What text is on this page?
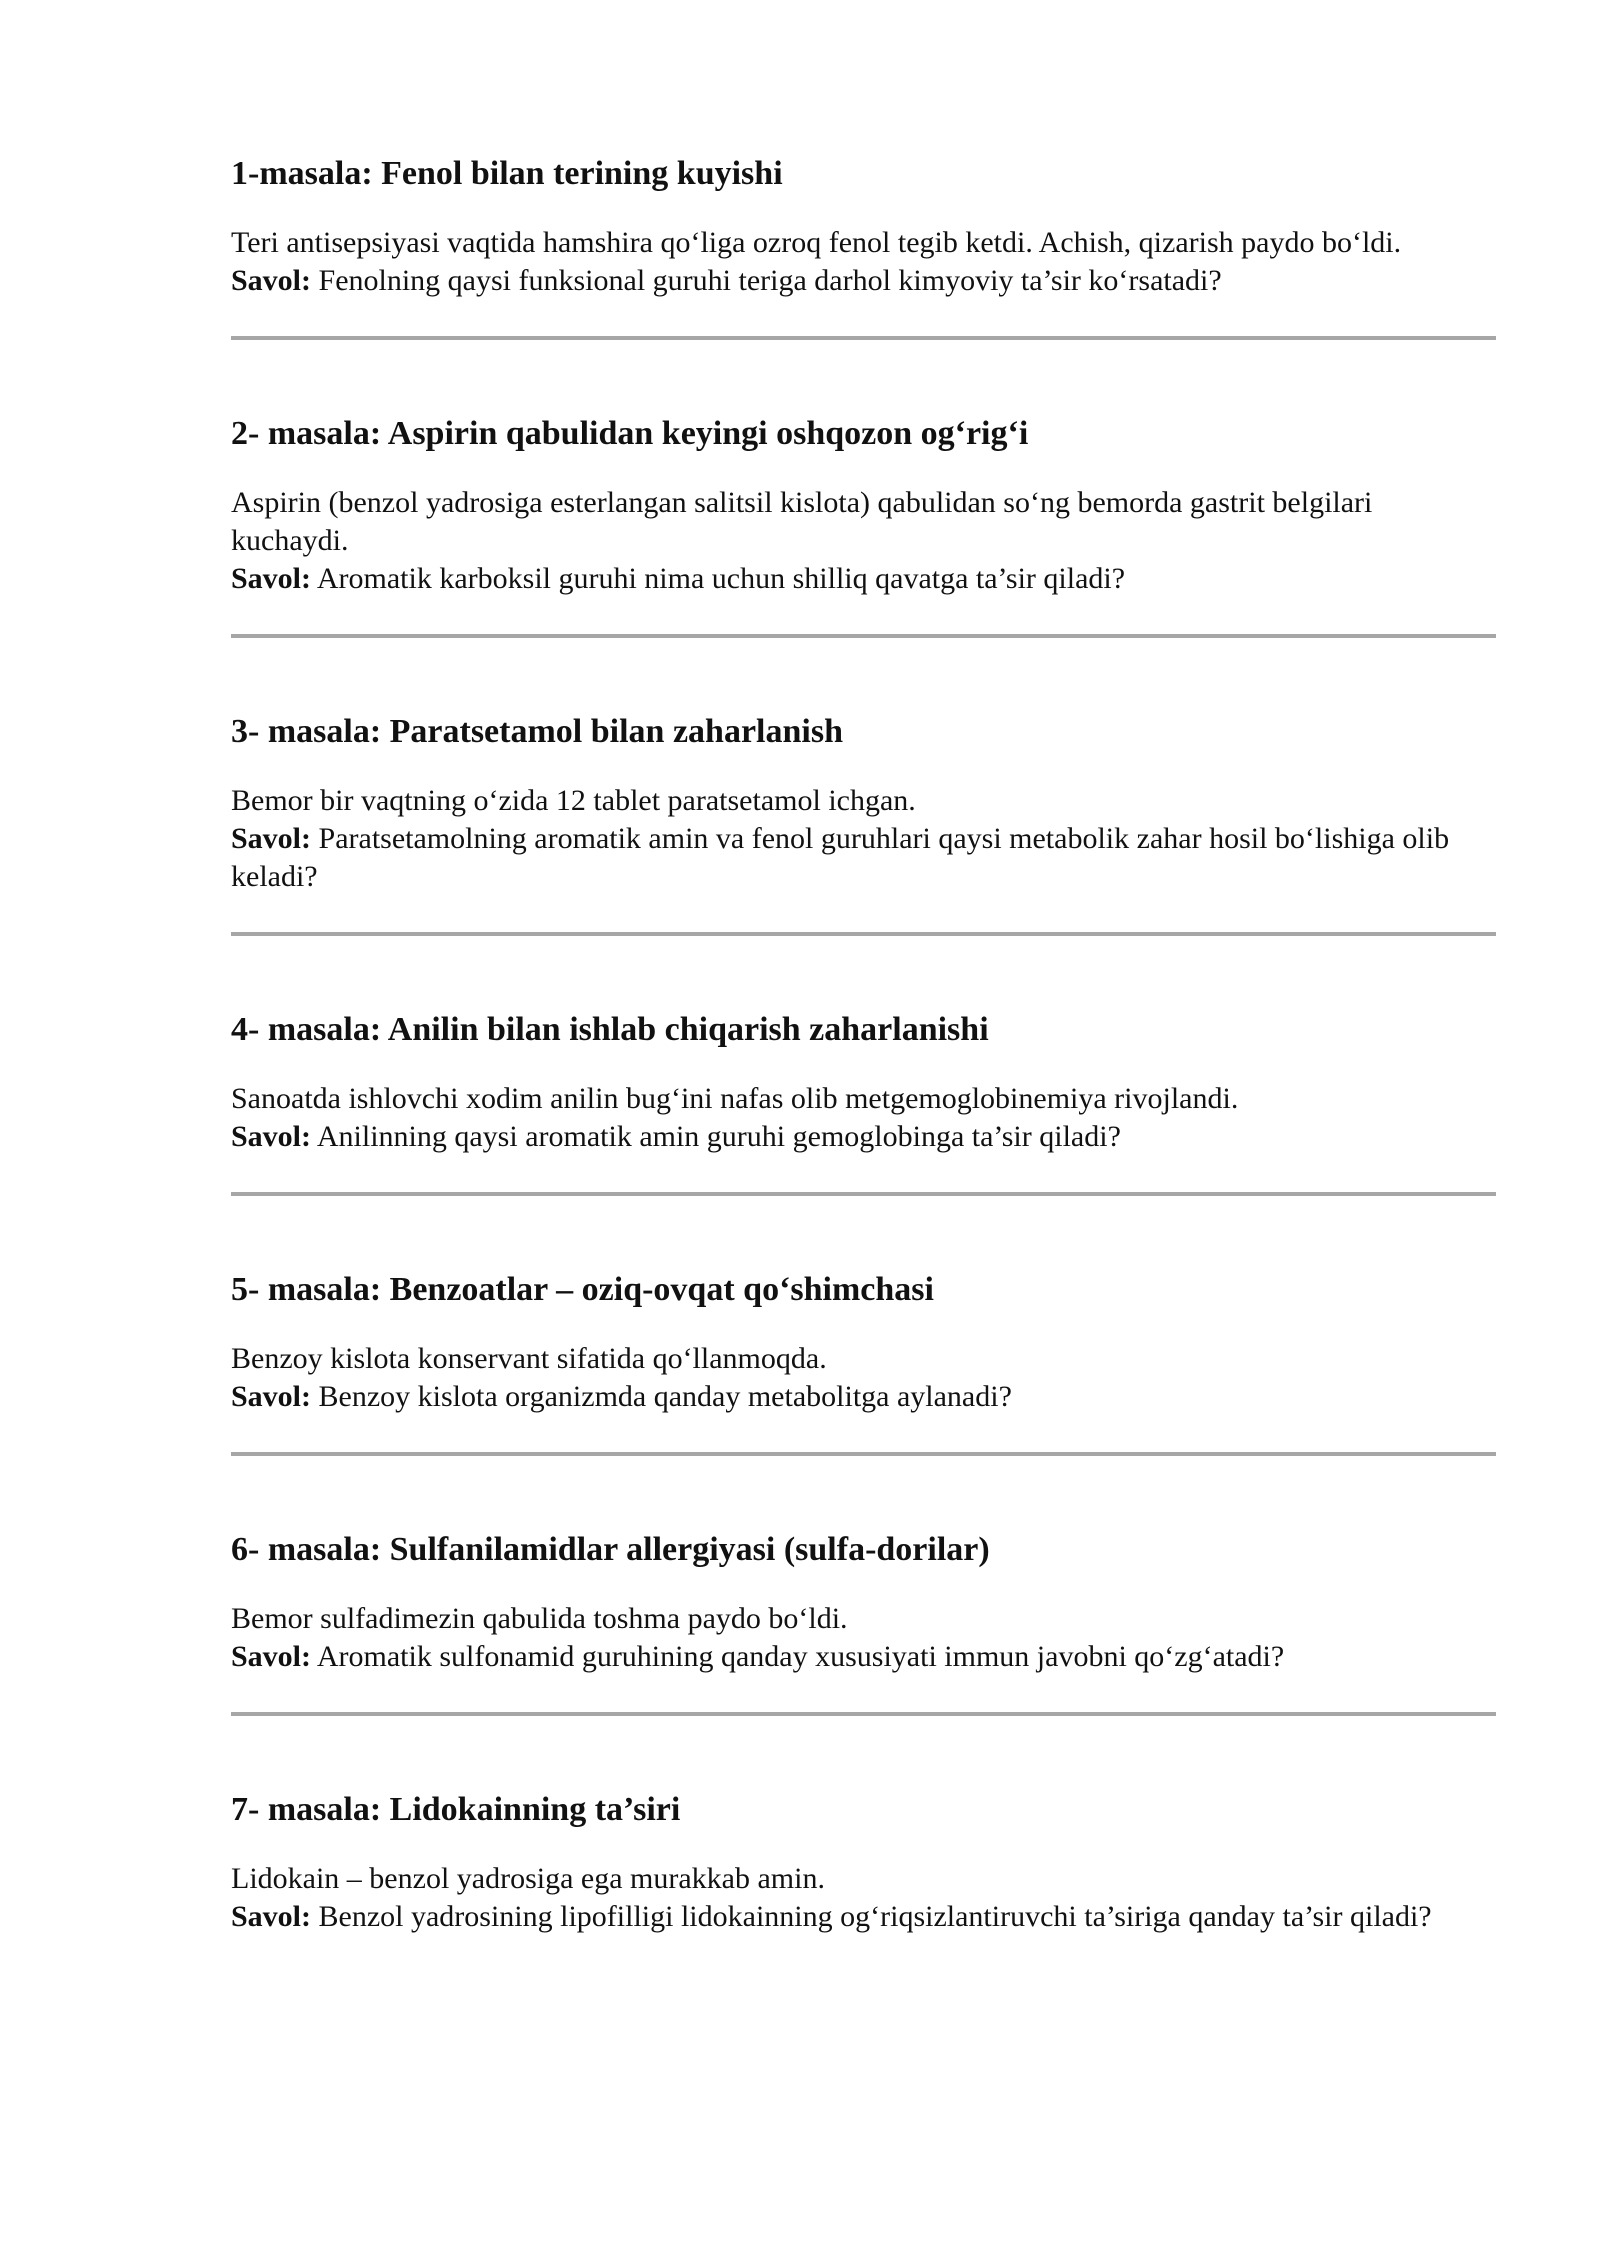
1-masala: Fenol bilan terining kuyishi

Teri antisepsiyasi vaqtida hamshira qo‘liga ozroq fenol tegib ketdi. Achish, qizarish paydo bo‘ldi.

Savol: Fenolning qaysi funksional guruhi teriga darhol kimyoviy ta’sir ko‘rsatadi?

2- masala: Aspirin qabulidan keyingi oshqozon og‘rig‘i

Aspirin (benzol yadrosiga esterlangan salitsil kislota) qabulidan so‘ng bemorda gastrit belgilari kuchaydi.

Savol: Aromatik karboksil guruhi nima uchun shilliq qavatga ta’sir qiladi?

3- masala: Paratsetamol bilan zaharlanish

Bemor bir vaqtning o‘zida 12 tablet paratsetamol ichgan.

Savol: Paratsetamolning aromatik amin va fenol guruhlari qaysi metabolik zahar hosil bo‘lishiga olib keladi?

4- masala: Anilin bilan ishlab chiqarish zaharlanishi

Sanoatda ishlovchi xodim anilin bug‘ini nafas olib metgemoglobinemiya rivojlandi.

Savol: Anilinning qaysi aromatik amin guruhi gemoglobinga ta’sir qiladi?

5- masala: Benzoatlar – oziq-ovqat qo‘shimchasi

Benzoy kislota konservant sifatida qo‘llanmoqda.

Savol: Benzoy kislota organizmda qanday metabolitga aylanadi?

6- masala: Sulfanilamidlar allergiyasi (sulfa-dorilar)

Bemor sulfadimezin qabulida toshma paydo bo‘ldi.

Savol: Aromatik sulfonamid guruhining qanday xususiyati immun javobni qo‘zg‘atadi?

7- masala: Lidokainning ta’siri

Lidokain – benzol yadrosiga ega murakkab amin.

Savol: Benzol yadrosining lipofilligi lidokainning og‘riqsizlantiruvchi ta’siriga qanday ta’sir qiladi?
